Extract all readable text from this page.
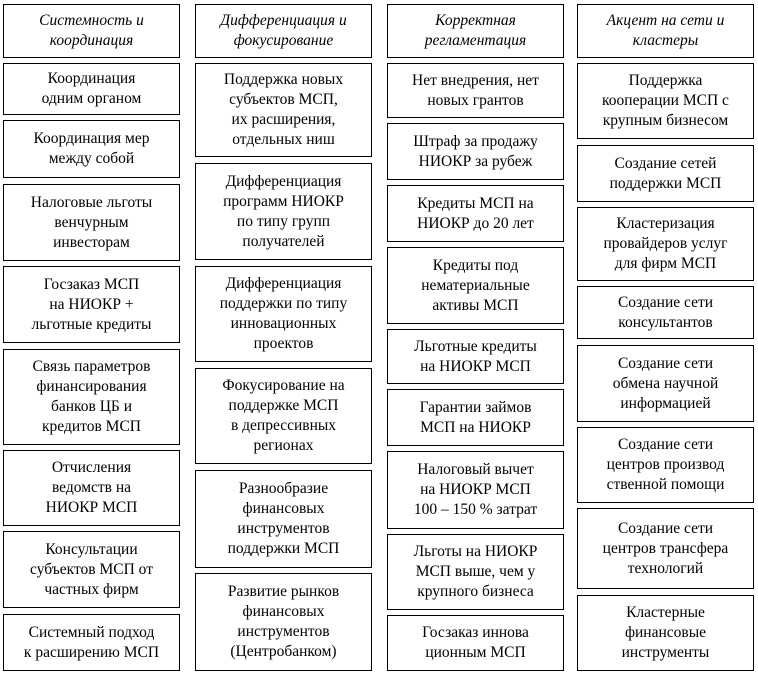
Системность и
координация
Координация
одним органом
Координация мер
между собой
Налоговые льготы
венчурным
инвесторам
Госзаказ МСП
на НИОКР +
льготные кредиты
Связь параметров
финансирования
банков ЦБ и
кредитов МСП
Отчисления
ведомств на
НИОКР МСП
Консультации
субъектов МСП от
частных фирм
Системный подход
к расширению МСП
Дифференциация и
фокусирование
Поддержка новых
субъектов МСП,
их расширения,
отдельных ниш
Дифференциация
программ НИОКР
по типу групп
получателей
Дифференциация
поддержки по типу
инновационных
проектов
Фокусирование на
поддержке МСП
в депрессивных
регионах
Разнообразие
финансовых
инструментов
поддержки МСП
Развитие рынков
финансовых
инструментов
(Центробанком)
Корректная
регламентация
Нет внедрения, нет
новых грантов
Штраф за продажу
НИОКР за рубеж
Кредиты МСП на
НИОКР до 20 лет
Кредиты под
нематериальные
активы МСП
Льготные кредиты
на НИОКР МСП
Гарантии займов
МСП на НИОКР
Налоговый вычет
на НИОКР МСП
100 – 150 % затрат
Льготы на НИОКР
МСП выше, чем у
крупного бизнеса
Госзаказ иннова
ционным МСП
Акцент на сети и
кластеры
Поддержка
кооперации МСП с
крупным бизнесом
Создание сетей
поддержки МСП
Кластеризация
провайдеров услуг
для фирм МСП
Создание сети
консультантов
Создание сети
обмена научной
информацией
Создание сети
центров производ
ственной помощи
Создание сети
центров трансфера
технологий
Кластерные
финансовые
инструменты
